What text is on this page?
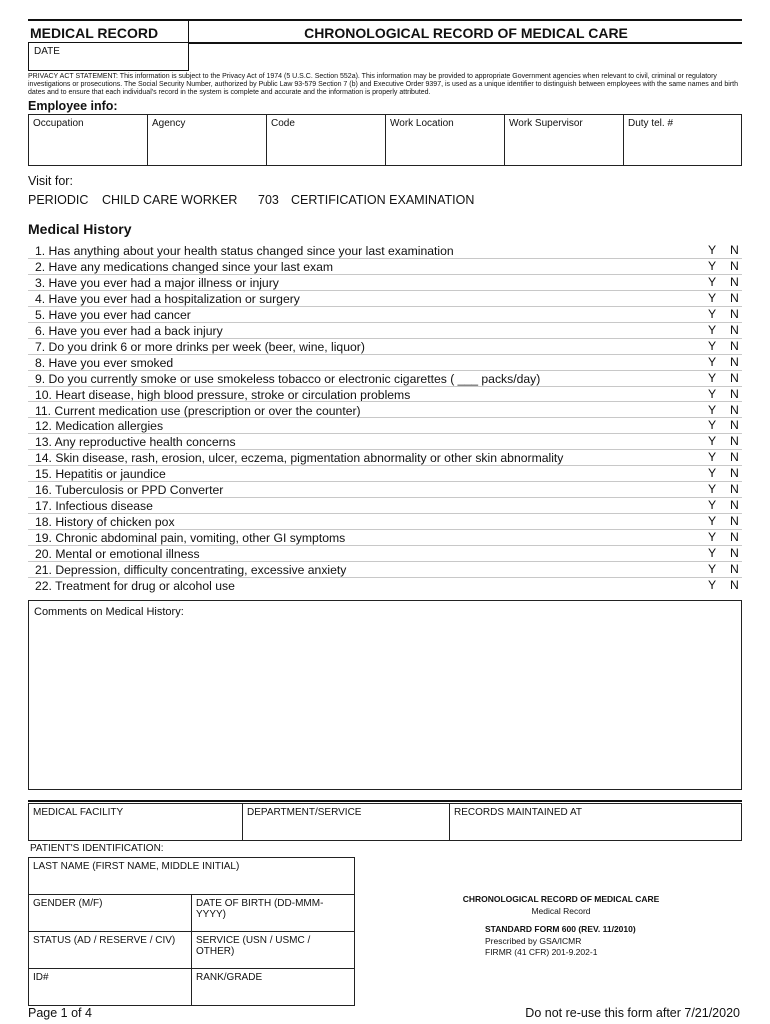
MEDICAL RECORD	CHRONOLOGICAL RECORD OF MEDICAL CARE
DATE
PRIVACY ACT STATEMENT: This information is subject to the Privacy Act of 1974 (5 U.S.C. Section 552a). This information may be provided to appropriate Government agencies when relevant to civil, criminal or regulatory investigations or prosecutions. The Social Security Number, authorized by Public Law 93-579 Section 7 (b) and Executive Order 9397, is used as a unique identifier to distinguish between employees with the same names and birth dates and to ensure that each individual's record in the system is complete and accurate and the information is properly attributed.
Employee info:
Occupation	Agency	Code	Work Location	Work Supervisor	Duty tel. #
Visit for:
PERIODIC CHILD CARE WORKER 703 CERTIFICATION EXAMINATION
Medical History
1. Has anything about your health status changed since your last examination	Y N
2. Have any medications changed since your last exam	Y N
3. Have you ever had a major illness or injury	Y N
4. Have you ever had a hospitalization or surgery	Y N
5. Have you ever had cancer	Y N
6. Have you ever had a back injury	Y N
7. Do you drink 6 or more drinks per week (beer, wine, liquor)	Y N
8. Have you ever smoked	Y N
9. Do you currently smoke or use smokeless tobacco or electronic cigarettes ( ___ packs/day)	Y N
10. Heart disease, high blood pressure, stroke or circulation problems	Y N
11. Current medication use (prescription or over the counter)	Y N
12. Medication allergies	Y N
13. Any reproductive health concerns	Y N
14. Skin disease, rash, erosion, ulcer, eczema, pigmentation abnormality or other skin abnormality	Y N
15. Hepatitis or jaundice	Y N
16. Tuberculosis or PPD Converter	Y N
17. Infectious disease	Y N
18. History of chicken pox	Y N
19. Chronic abdominal pain, vomiting, other GI symptoms	Y N
20. Mental or emotional illness	Y N
21. Depression, difficulty concentrating, excessive anxiety	Y N
22. Treatment for drug or alcohol use	Y N
Comments on Medical History:
MEDICAL FACILITY	DEPARTMENT/SERVICE	RECORDS MAINTAINED AT
PATIENT'S IDENTIFICATION:
LAST NAME (FIRST NAME, MIDDLE INITIAL)
GENDER (M/F)	DATE OF BIRTH (DD-MMM-YYYY)
STATUS (AD / RESERVE / CIV)	SERVICE (USN / USMC / OTHER)
ID#	RANK/GRADE
CHRONOLOGICAL RECORD OF MEDICAL CARE
Medical Record
STANDARD FORM 600 (REV. 11/2010)
Prescribed by GSA/ICMR
FIRMR (41 CFR) 201-9.202-1
Page 1 of 4	Do not re-use this form after 7/21/2020
